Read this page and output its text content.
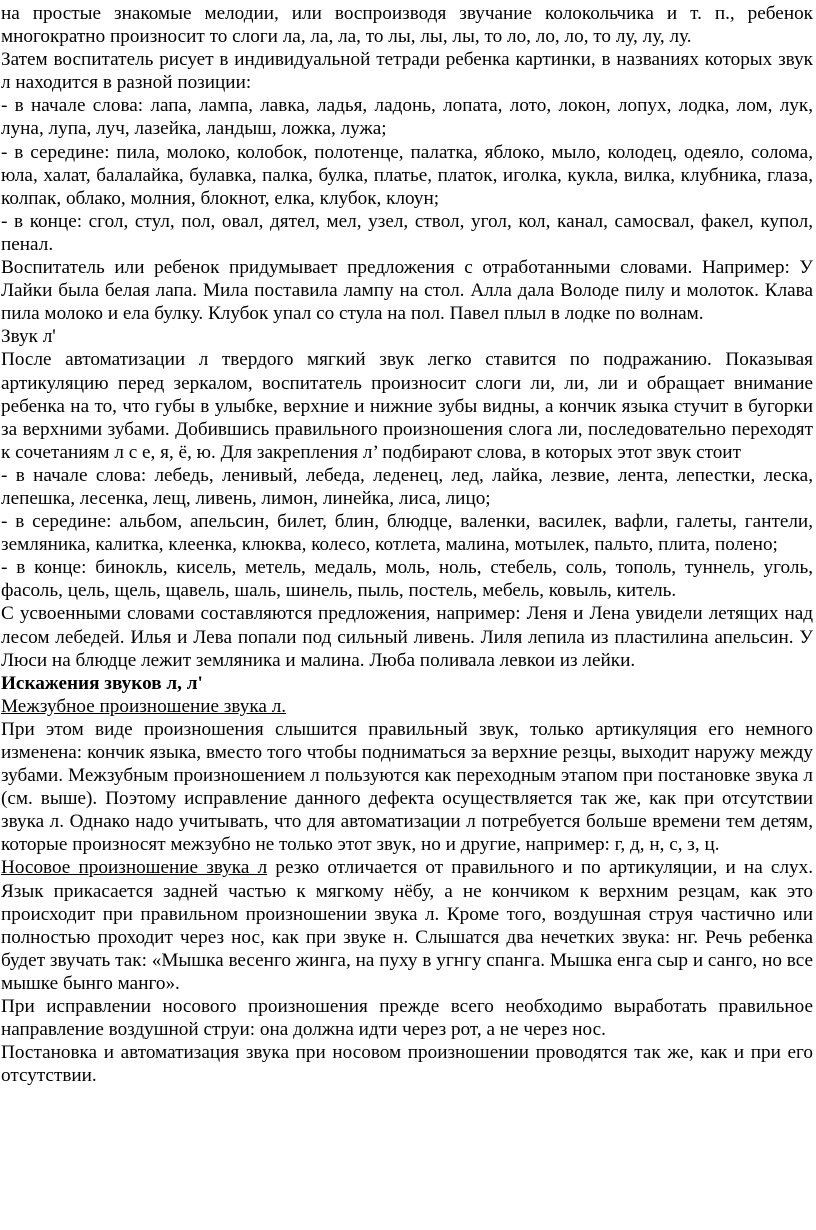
на простые знакомые мелодии, или воспроизводя звучание колокольчика и т. п., ребенок многократно произносит то слоги ла, ла, ла, то лы, лы, лы, то ло, ло, ло, то лу, лу, лу.

Затем воспитатель рисует в индивидуальной тетради ребенка картинки, в названиях которых звук л находится в разной позиции:

- в начале слова: лапа, лампа, лавка, ладья, ладонь, лопата, лото, локон, лопух, лодка, лом, лук, луна, лупа, луч, лазейка, ландыш, ложка, лужа;

- в середине: пила, молоко, колобок, полотенце, палатка, яблоко, мыло, колодец, одеяло, солома, юла, халат, балалайка, булавка, палка, булка, платье, платок, иголка, кукла, вилка, клубника, глаза, колпак, облако, молния, блокнот, елка, клубок, клоун;

- в конце: сгол, стул, пол, овал, дятел, мел, узел, ствол, угол, кол, канал, самосвал, факел, купол, пенал.

Воспитатель или ребенок придумывает предложения с отработанными словами. Например: У Лайки была белая лапа. Мила поставила лампу на стол. Алла дала Володе пилу и молоток. Клава пила молоко и ела булку. Клубок упал со стула на пол. Павел плыл в лодке по волнам.

Звук л'

После автоматизации л твердого мягкий звук легко ставится по подражанию. Показывая артикуляцию перед зеркалом, воспитатель произносит слоги ли, ли, ли и обращает внимание ребенка на то, что губы в улыбке, верхние и нижние зубы видны, а кончик языка стучит в бугорки за верхними зубами. Добившись правильного произношения слога ли, последовательно переходят к сочетаниям л с е, я, ё, ю. Для закрепления л’ подбирают слова, в которых этот звук стоит

- в начале слова: лебедь, ленивый, лебеда, леденец, лед, лайка, лезвие, лента, лепестки, леска, лепешка, лесенка, лещ, ливень, лимон, линейка, лиса, лицо;

- в середине: альбом, апельсин, билет, блин, блюдце, валенки, василек, вафли, галеты, гантели, земляника, калитка, клеенка, клюква, колесо, котлета, малина, мотылек, пальто, плита, полено;

- в конце: бинокль, кисель, метель, медаль, моль, ноль, стебель, соль, тополь, туннель, уголь, фасоль, цель, щель, щавель, шаль, шинель, пыль, постель, мебель, ковыль, китель.

С усвоенными словами составляются предложения, например: Леня и Лена увидели летящих над лесом лебедей. Илья и Лева попали под сильный ливень. Лиля лепила из пластилина апельсин. У Люси на блюдце лежит земляника и малина. Люба поливала левкои из лейки.

Искажения звуков л, л'

Межзубное произношение звука л.

При этом виде произношения слышится правильный звук, только артикуляция его немного изменена: кончик языка, вместо того чтобы подниматься за верхние резцы, выходит наружу между зубами. Межзубным произношением л пользуются как переходным этапом при постановке звука л (см. выше). Поэтому исправление данного дефекта осуществляется так же, как при отсутствии звука л. Однако надо учитывать, что для автоматизации л потребуется больше времени тем детям, которые произносят межзубно не только этот звук, но и другие, например: г, д, н, с, з, ц.

Носовое произношение звука л резко отличается от правильного и по артикуляции, и на слух. Язык прикасается задней частью к мягкому нёбу, а не кончиком к верхним резцам, как это происходит при правильном произношении звука л. Кроме того, воздушная струя частично или полностью проходит через нос, как при звуке н. Слышатся два нечетких звука: нг. Речь ребенка будет звучать так: «Мышка весенго жинга, на пуху в угнгу спанга. Мышка енга сыр и санго, но все мышке бынго манго».

При исправлении носового произношения прежде всего необходимо выработать правильное направление воздушной струи: она должна идти через рот, а не через нос.

Постановка и автоматизация звука при носовом произношении проводятся так же, как и при его отсутствии.
